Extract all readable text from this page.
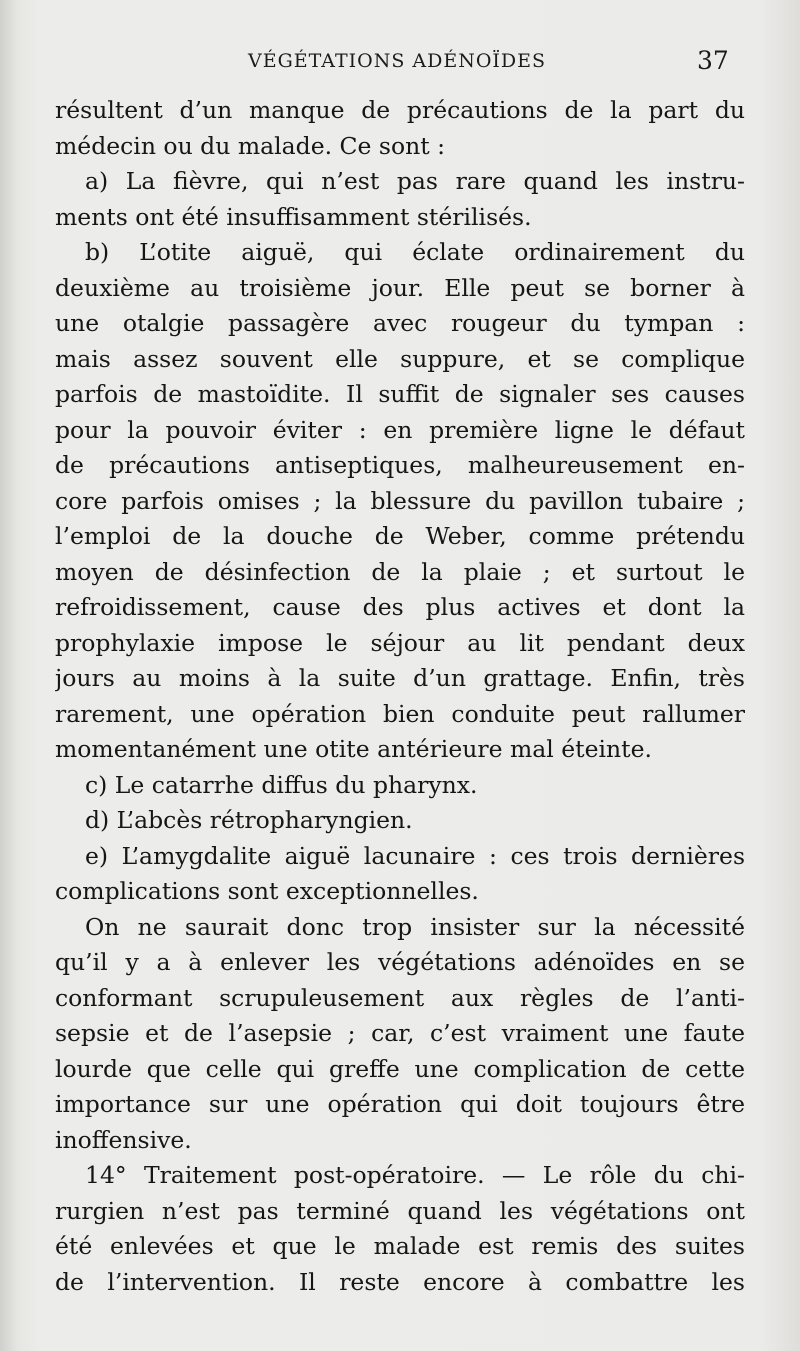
VÉGÉTATIONS ADÉNOÏDES	37
résultent d’un manque de précautions de la part du
médecin ou du malade. Ce sont :
a) La fièvre, qui n’est pas rare quand les instru-
ments ont été insuffisamment stérilisés.
b) L’otite aiguë, qui éclate ordinairement du
deuxième au troisième jour. Elle peut se borner à
une otalgie passagère avec rougeur du tympan :
mais assez souvent elle suppure, et se complique
parfois de mastoïdite. Il suffit de signaler ses causes
pour la pouvoir éviter : en première ligne le défaut
de précautions antiseptiques, malheureusement en-
core parfois omises ; la blessure du pavillon tubaire ;
l’emploi de la douche de Weber, comme prétendu
moyen de désinfection de la plaie ; et surtout le
refroidissement, cause des plus actives et dont la
prophylaxie impose le séjour au lit pendant deux
jours au moins à la suite d’un grattage. Enfin, très
rarement, une opération bien conduite peut rallumer
momentanément une otite antérieure mal éteinte.
c) Le catarrhe diffus du pharynx.
d) L’abcès rétropharyngien.
e) L’amygdalite aiguë lacunaire : ces trois dernières
complications sont exceptionnelles.
On ne saurait donc trop insister sur la nécessité
qu’il y a à enlever les végétations adénoïdes en se
conformant scrupuleusement aux règles de l’anti-
sepsie et de l’asepsie ; car, c’est vraiment une faute
lourde que celle qui greffe une complication de cette
importance sur une opération qui doit toujours être
inoffensive.
14° Traitement post-opératoire. — Le rôle du chi-
rurgien n’est pas terminé quand les végétations ont
été enlevées et que le malade est remis des suites
de l’intervention. Il reste encore à combattre les
